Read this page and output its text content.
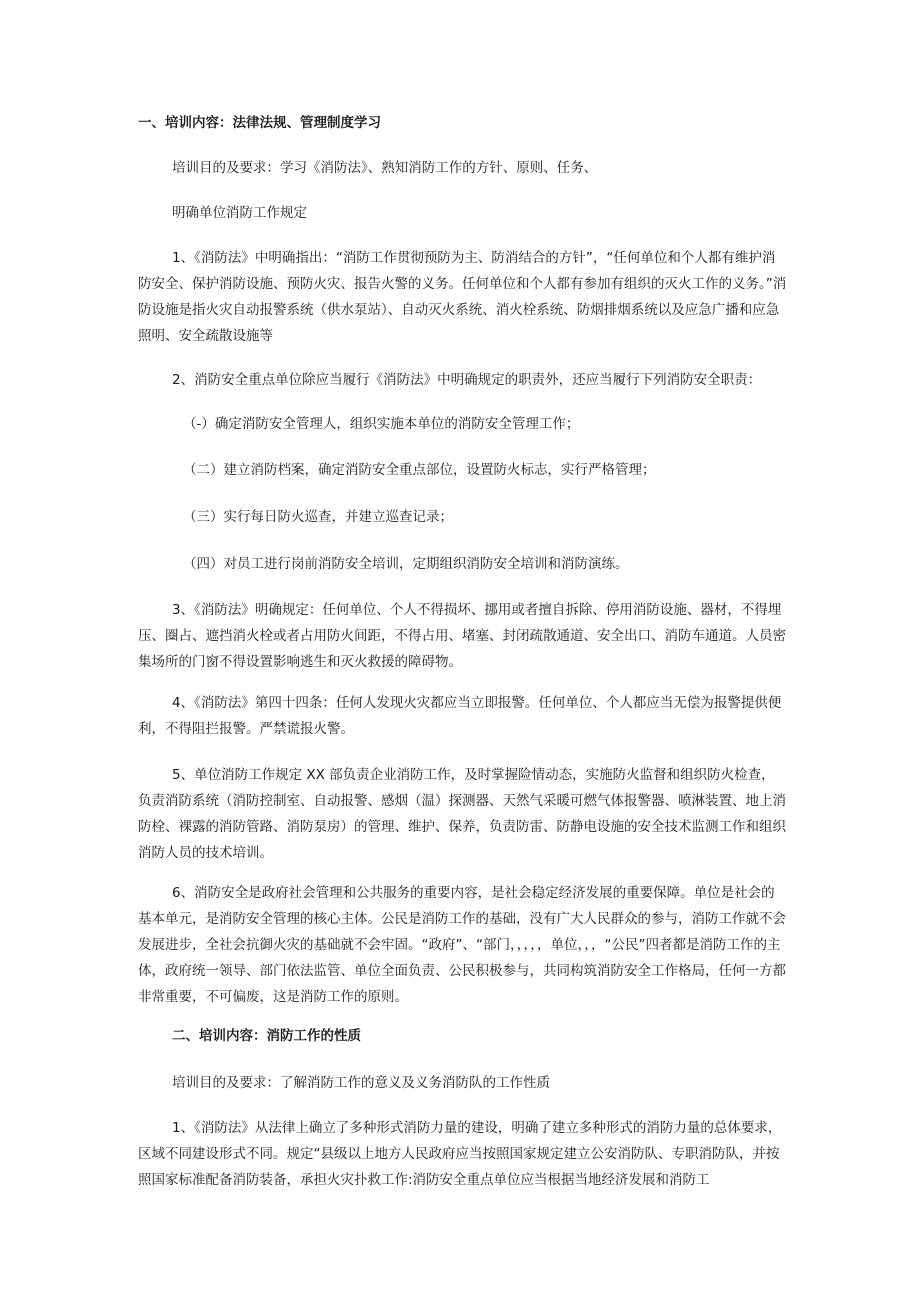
一、培训内容：法律法规、管理制度学习

培训目的及要求：学习《消防法》、熟知消防工作的方针、原则、任务、

明确单位消防工作规定

1、《消防法》中明确指出：“消防工作贯彻预防为主、防消结合的方针”，“任何单位和个人都有维护消防安全、保护消防设施、预防火灾、报告火警的义务。任何单位和个人都有参加有组织的灭火工作的义务。”消防设施是指火灾自动报警系统（供水泵站）、自动灭火系统、消火栓系统、防烟排烟系统以及应急广播和应急照明、安全疏散设施等

2、消防安全重点单位除应当履行《消防法》中明确规定的职责外，还应当履行下列消防安全职责：

（-）确定消防安全管理人，组织实施本单位的消防安全管理工作；

（二）建立消防档案，确定消防安全重点部位，设置防火标志，实行严格管理；

（三）实行每日防火巡查，并建立巡查记录；

（四）对员工进行岗前消防安全培训，定期组织消防安全培训和消防演练。

3、《消防法》明确规定：任何单位、个人不得损坏、挪用或者擅自拆除、停用消防设施、器材，不得埋压、圈占、遮挡消火栓或者占用防火间距，不得占用、堵塞、封闭疏散通道、安全出口、消防车通道。人员密集场所的门窗不得设置影响逃生和灭火救援的障碍物。

4、《消防法》第四十四条：任何人发现火灾都应当立即报警。任何单位、个人都应当无偿为报警提供便利，不得阻拦报警。严禁谎报火警。

5、单位消防工作规定 XX 部负责企业消防工作，及时掌握险情动态，实施防火监督和组织防火检查，负责消防系统（消防控制室、自动报警、感烟（温）探测器、天然气采暖可燃气体报警器、喷淋装置、地上消防栓、裸露的消防管路、消防泵房）的管理、维护、保养，负责防雷、防静电设施的安全技术监测工作和组织消防人员的技术培训。

6、消防安全是政府社会管理和公共服务的重要内容，是社会稳定经济发展的重要保障。单位是社会的基本单元，是消防安全管理的核心主体。公民是消防工作的基础，没有广大人民群众的参与，消防工作就不会发展进步，全社会抗御火灾的基础就不会牢固。“政府”、“部门，，，，，单位，，，“公民”四者都是消防工作的主体，政府统一领导、部门依法监管、单位全面负责、公民积极参与，共同构筑消防安全工作格局，任何一方都非常重要，不可偏废，这是消防工作的原则。

二、培训内容：消防工作的性质

培训目的及要求：了解消防工作的意义及义务消防队的工作性质

1、《消防法》从法律上确立了多种形式消防力量的建设，明确了建立多种形式的消防力量的总体要求，区域不同建设形式不同。规定“县级以上地方人民政府应当按照国家规定建立公安消防队、专职消防队，并按照国家标准配备消防装备，承担火灾扑救工作:消防安全重点单位应当根据当地经济发展和消防工
